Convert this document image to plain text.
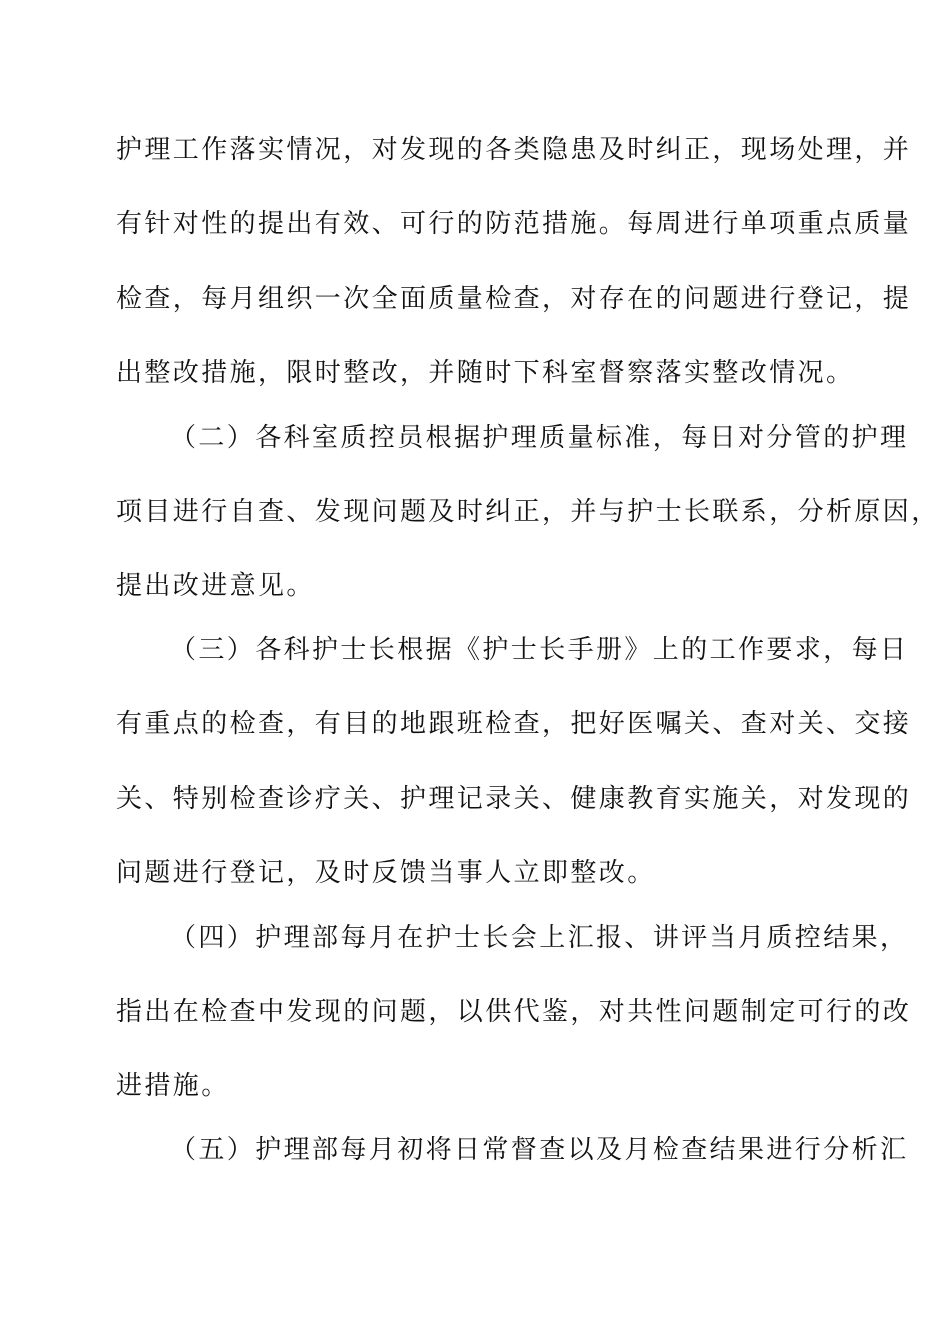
护理工作落实情况，对发现的各类隐患及时纠正，现场处理，并
有针对性的提出有效、可行的防范措施。每周进行单项重点质量
检查，每月组织一次全面质量检查，对存在的问题进行登记，提
出整改措施，限时整改，并随时下科室督察落实整改情况。
（二）各科室质控员根据护理质量标准，每日对分管的护理
项目进行自查、发现问题及时纠正，并与护士长联系，分析原因，
提出改进意见。
（三）各科护士长根据《护士长手册》上的工作要求，每日
有重点的检查，有目的地跟班检查，把好医嘱关、查对关、交接
关、特别检查诊疗关、护理记录关、健康教育实施关，对发现的
问题进行登记，及时反馈当事人立即整改。
（四）护理部每月在护士长会上汇报、讲评当月质控结果，
指出在检查中发现的问题，以供代鉴，对共性问题制定可行的改
进措施。
（五）护理部每月初将日常督查以及月检查结果进行分析汇
